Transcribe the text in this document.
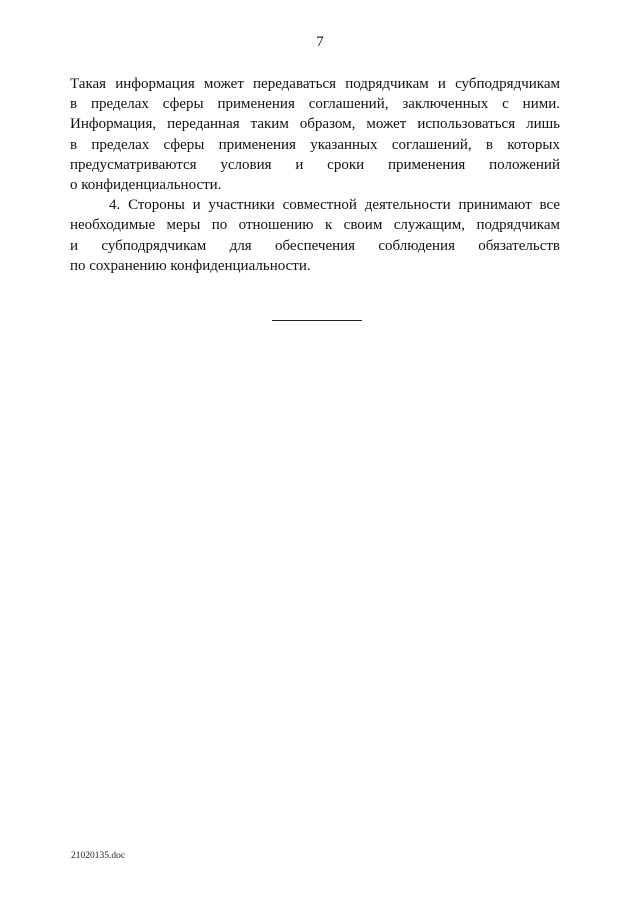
7

Такая информация может передаваться подрядчикам и субподрядчикам
в пределах сферы применения соглашений, заключенных с ними.
Информация, переданная таким образом, может использоваться лишь
в пределах сферы применения указанных соглашений, в которых
предусматриваются условия и сроки применения положений
о конфиденциальности.

4. Стороны и участники совместной деятельности принимают все
необходимые меры по отношению к своим служащим, подрядчикам
и субподрядчикам для обеспечения соблюдения обязательств
по сохранению конфиденциальности.

21020135.doc
